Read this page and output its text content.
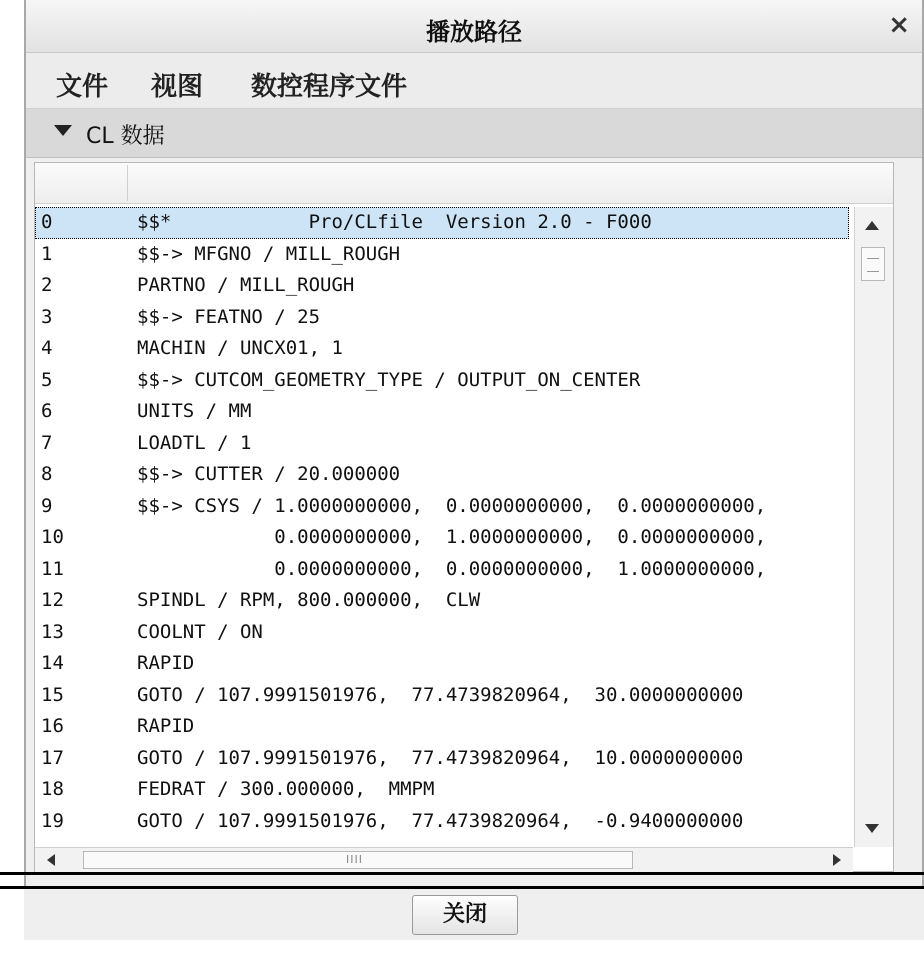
播放路径	×
文件 视图 数控程序文件
CL 数据
0	$$*            Pro/CLfile  Version 2.0 - F000
1	$$-> MFGNO / MILL_ROUGH
2	PARTNO / MILL_ROUGH
3	$$-> FEATNO / 25
4	MACHIN / UNCX01, 1
5	$$-> CUTCOM_GEOMETRY_TYPE / OUTPUT_ON_CENTER
6	UNITS / MM
7	LOADTL / 1
8	$$-> CUTTER / 20.000000
9	$$-> CSYS / 1.0000000000,  0.0000000000,  0.0000000000,
10	0.0000000000,  1.0000000000,  0.0000000000,
11	0.0000000000,  0.0000000000,  1.0000000000,
12	SPINDL / RPM, 800.000000,  CLW
13	COOLNT / ON
14	RAPID
15	GOTO / 107.9991501976,  77.4739820964,  30.0000000000
16	RAPID
17	GOTO / 107.9991501976,  77.4739820964,  10.0000000000
18	FEDRAT / 300.000000,  MMPM
19	GOTO / 107.9991501976,  77.4739820964,  -0.9400000000
IIII
关闭
